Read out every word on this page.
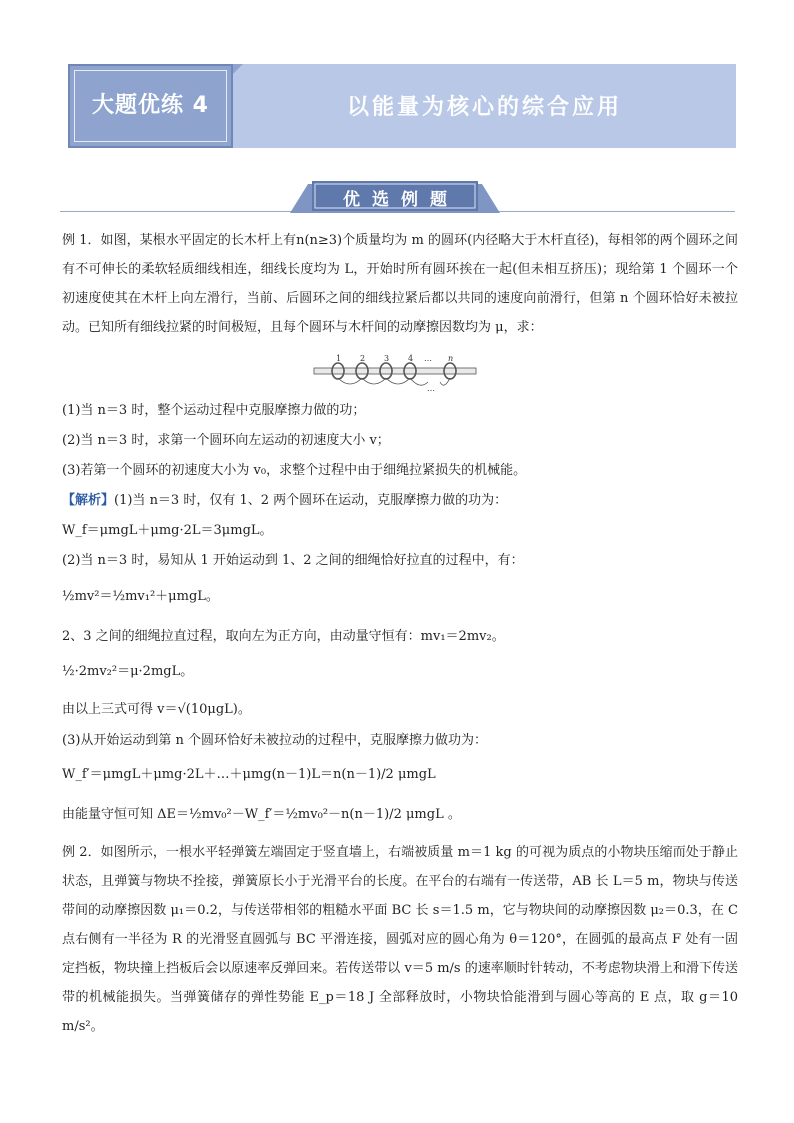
大题优练 4	以能量为核心的综合应用
优选例题
例 1．如图，某根水平固定的长木杆上有n(n≥3)个质量均为 m 的圆环(内径略大于木杆直径)，每相邻的两个圆环之间有不可伸长的柔软轻质细线相连，细线长度均为 L，开始时所有圆环挨在一起(但未相互挤压)；现给第 1 个圆环一个初速度使其在木杆上向左滑行，当前、后圆环之间的细线拉紧后都以共同的速度向前滑行，但第 n 个圆环恰好未被拉动。已知所有细线拉紧的时间极短，且每个圆环与木杆间的动摩擦因数均为 μ，求：
1 2 3 4 … n
…
(1)当 n＝3 时，整个运动过程中克服摩擦力做的功；
(2)当 n＝3 时，求第一个圆环向左运动的初速度大小 v；
(3)若第一个圆环的初速度大小为 v₀，求整个过程中由于细绳拉紧损失的机械能。
【解析】(1)当 n＝3 时，仅有 1、2 两个圆环在运动，克服摩擦力做的功为：
W_f＝μmgL＋μmg·2L＝3μmgL。
(2)当 n＝3 时，易知从 1 开始运动到 1、2 之间的细绳恰好拉直的过程中，有：
½mv²＝½mv₁²＋μmgL。
2、3 之间的细绳拉直过程，取向左为正方向，由动量守恒有：mv₁＝2mv₂。
½·2mv₂²＝μ·2mgL。
由以上三式可得 v＝√(10μgL)。
(3)从开始运动到第 n 个圆环恰好未被拉动的过程中，克服摩擦力做功为：
W_f′＝μmgL＋μmg·2L＋…＋μmg(n－1)L＝n(n－1)/2 μmgL
由能量守恒可知 ΔE＝½mv₀²－W_f′＝½mv₀²－n(n－1)/2 μmgL 。
例 2．如图所示，一根水平轻弹簧左端固定于竖直墙上，右端被质量 m＝1 kg 的可视为质点的小物块压缩而处于静止状态，且弹簧与物块不拴接，弹簧原长小于光滑平台的长度。在平台的右端有一传送带，AB 长 L＝5 m，物块与传送带间的动摩擦因数 μ₁＝0.2，与传送带相邻的粗糙水平面 BC 长 s＝1.5 m，它与物块间的动摩擦因数 μ₂＝0.3，在 C 点右侧有一半径为 R 的光滑竖直圆弧与 BC 平滑连接，圆弧对应的圆心角为 θ＝120°，在圆弧的最高点 F 处有一固定挡板，物块撞上挡板后会以原速率反弹回来。若传送带以 v＝5 m/s 的速率顺时针转动，不考虑物块滑上和滑下传送带的机械能损失。当弹簧储存的弹性势能 E_p＝18 J 全部释放时，小物块恰能滑到与圆心等高的 E 点，取 g＝10 m/s²。
